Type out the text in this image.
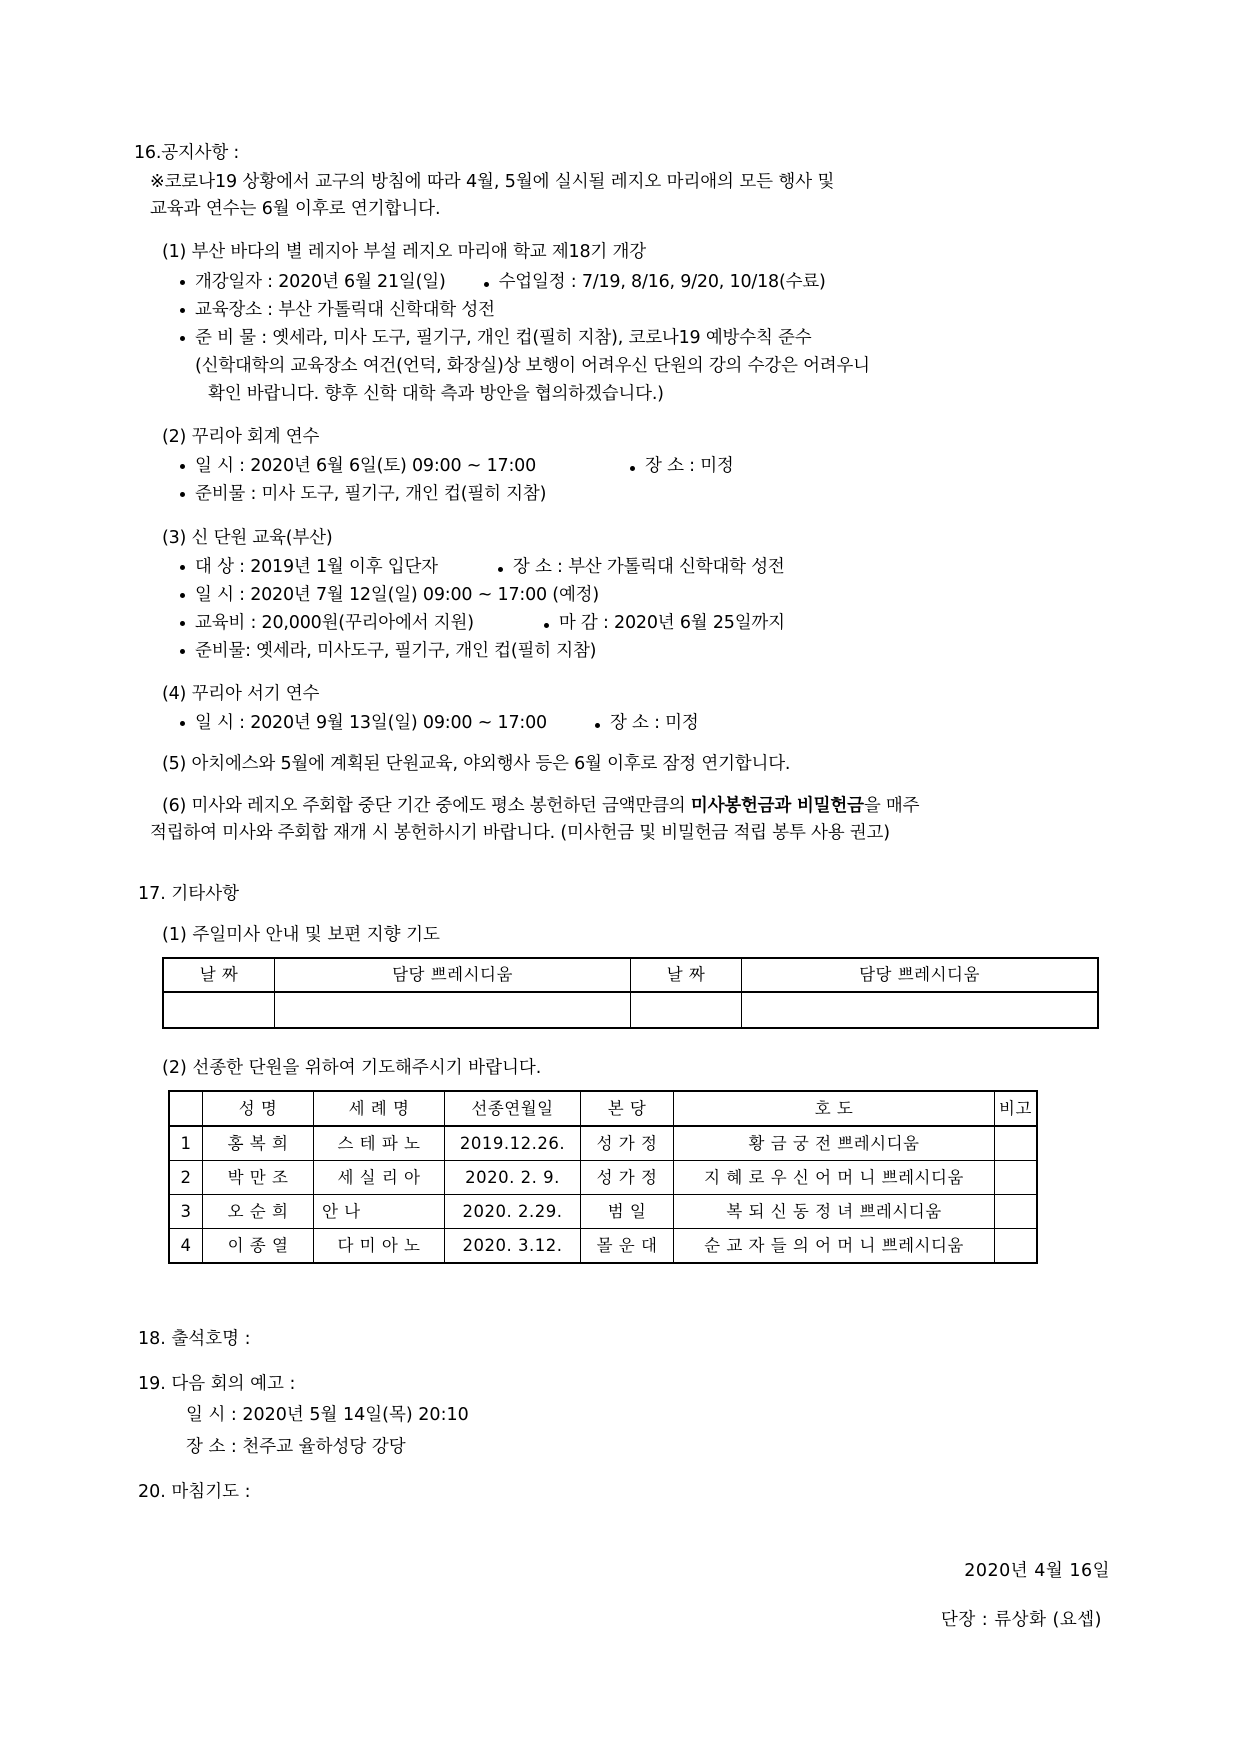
16.공지사항 :
※코로나19 상황에서 교구의 방침에 따라 4월, 5월에 실시될 레지오 마리애의 모든 행사 및
교육과 연수는 6월 이후로 연기합니다.
(1) 부산 바다의 별 레지아 부설 레지오 마리애 학교 제18기 개강
개강일자 : 2020년 6월 21일(일)	수업일정 : 7/19, 8/16, 9/20, 10/18(수료)
교육장소 : 부산 가톨릭대 신학대학 성전
준 비 물 : 옛세라, 미사 도구, 필기구, 개인 컵(필히 지참), 코로나19 예방수칙 준수
(신학대학의 교육장소 여건(언덕, 화장실)상 보행이 어려우신 단원의 강의 수강은 어려우니
확인 바랍니다. 향후 신학 대학 측과 방안을 협의하겠습니다.)
(2) 꾸리아 회계 연수
일 시 : 2020년 6월 6일(토) 09:00 ~ 17:00	장 소 : 미정
준비물 : 미사 도구, 필기구, 개인 컵(필히 지참)
(3) 신 단원 교육(부산)
대 상 : 2019년 1월 이후 입단자	장 소 : 부산 가톨릭대 신학대학 성전
일 시 : 2020년 7월 12일(일) 09:00 ~ 17:00 (예정)
교육비 : 20,000원(꾸리아에서 지원)	마 감 : 2020년 6월 25일까지
준비물: 옛세라, 미사도구, 필기구, 개인 컵(필히 지참)
(4) 꾸리아 서기 연수
일 시 : 2020년 9월 13일(일) 09:00 ~ 17:00	장 소 : 미정
(5) 아치에스와 5월에 계획된 단원교육, 야외행사 등은 6월 이후로 잠정 연기합니다.
(6) 미사와 레지오 주회합 중단 기간 중에도 평소 봉헌하던 금액만큼의 미사봉헌금과 비밀헌금을 매주
적립하여 미사와 주회합 재개 시 봉헌하시기 바랍니다. (미사헌금 및 비밀헌금 적립 봉투 사용 권고)
17. 기타사항
(1) 주일미사 안내 및 보편 지향 기도
날 짜	담당 쁘레시디움	날 짜	담당 쁘레시디움

(2) 선종한 단원을 위하여 기도해주시기 바랍니다.
	성 명	세 례 명	선종연월일	본 당	호 도	비고
1	홍 복 희	스 테 파 노	2019.12.26.	성 가 정	황 금 궁 전 쁘레시디움	
2	박 만 조	세 실 리 아	2020. 2. 9.	성 가 정	지 혜 로 우 신 어 머 니 쁘레시디움	
3	오 순 희	안 나	2020. 2.29.	범 일	복 되 신 동 정 녀 쁘레시디움	
4	이 종 열	다 미 아 노	2020. 3.12.	몰 운 대	순 교 자 들 의 어 머 니 쁘레시디움	
18. 출석호명 :
19. 다음 회의 예고 :
일 시 : 2020년 5월 14일(목) 20:10
장 소 : 천주교 율하성당 강당
20. 마침기도 :
2020년 4월 16일
단장 : 류상화 (요셉)
